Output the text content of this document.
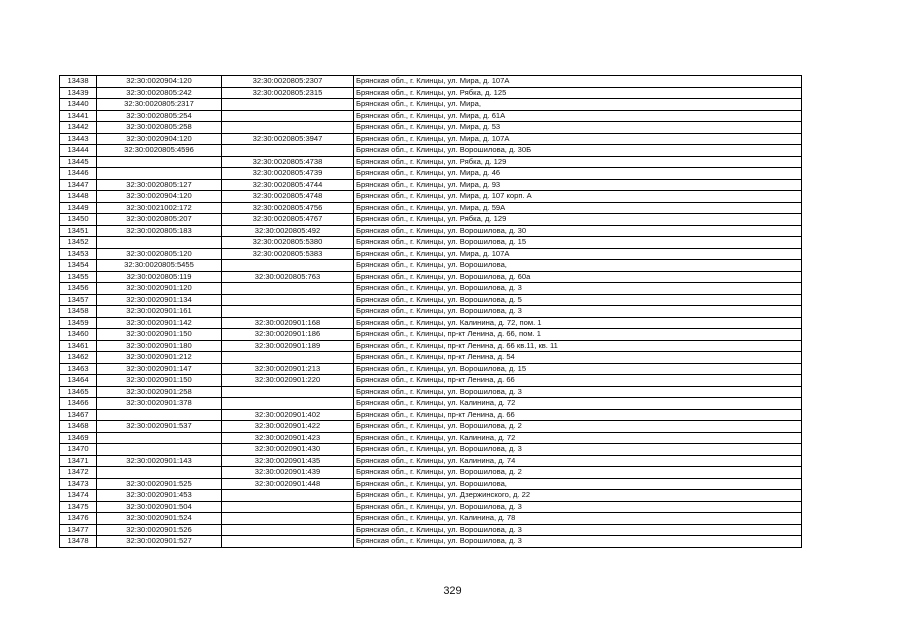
13438	32:30:0020904:120	32:30:0020805:2307	Брянская обл., г. Клинцы, ул. Мира, д. 107А
13439	32:30:0020805:242	32:30:0020805:2315	Брянская обл., г. Клинцы, ул. Рябка, д. 125
13440	32:30:0020805:2317		Брянская обл., г. Клинцы, ул. Мира,
13441	32:30:0020805:254		Брянская обл., г. Клинцы, ул. Мира, д. 61А
13442	32:30:0020805:258		Брянская обл., г. Клинцы, ул. Мира, д. 53
13443	32:30:0020904:120	32:30:0020805:3947	Брянская обл., г. Клинцы, ул. Мира, д. 107А
13444	32:30:0020805:4596		Брянская обл., г. Клинцы, ул. Ворошилова, д. 30Б
13445		32:30:0020805:4738	Брянская обл., г. Клинцы, ул. Рябка, д. 129
13446		32:30:0020805:4739	Брянская обл., г. Клинцы, ул. Мира, д. 46
13447	32:30:0020805:127	32:30:0020805:4744	Брянская обл., г. Клинцы, ул. Мира, д. 93
13448	32:30:0020904:120	32:30:0020805:4748	Брянская обл., г. Клинцы, ул. Мира, д. 107 корп. А
13449	32:30:0021002:172	32:30:0020805:4756	Брянская обл., г. Клинцы, ул. Мира, д. 59А
13450	32:30:0020805:207	32:30:0020805:4767	Брянская обл., г. Клинцы, ул. Рябка, д. 129
13451	32:30:0020805:183	32:30:0020805:492	Брянская обл., г. Клинцы, ул. Ворошилова, д. 30
13452		32:30:0020805:5380	Брянская обл., г. Клинцы, ул. Ворошилова, д. 15
13453	32:30:0020805:120	32:30:0020805:5383	Брянская обл., г. Клинцы, ул. Мира, д. 107А
13454	32:30:0020805:5455		Брянская обл., г. Клинцы, ул. Ворошилова,
13455	32:30:0020805:119	32:30:0020805:763	Брянская обл., г. Клинцы, ул. Ворошилова, д. 60а
13456	32:30:0020901:120		Брянская обл., г. Клинцы, ул. Ворошилова, д. 3
13457	32:30:0020901:134		Брянская обл., г. Клинцы, ул. Ворошилова, д. 5
13458	32:30:0020901:161		Брянская обл., г. Клинцы, ул. Ворошилова, д. 3
13459	32:30:0020901:142	32:30:0020901:168	Брянская обл., г. Клинцы, ул. Калинина, д. 72, пом. 1
13460	32:30:0020901:150	32:30:0020901:186	Брянская обл., г. Клинцы, пр-кт Ленина, д. 66, пом. 1
13461	32:30:0020901:180	32:30:0020901:189	Брянская обл., г. Клинцы, пр-кт Ленина, д. 66 кв.11, кв. 11
13462	32:30:0020901:212		Брянская обл., г. Клинцы, пр-кт Ленина, д. 54
13463	32:30:0020901:147	32:30:0020901:213	Брянская обл., г. Клинцы, ул. Ворошилова, д. 15
13464	32:30:0020901:150	32:30:0020901:220	Брянская обл., г. Клинцы, пр-кт Ленина, д. 66
13465	32:30:0020901:258		Брянская обл., г. Клинцы, ул. Ворошилова, д. 3
13466	32:30:0020901:378		Брянская обл., г. Клинцы, ул. Калинина, д. 72
13467		32:30:0020901:402	Брянская обл., г. Клинцы, пр-кт Ленина, д. 66
13468	32:30:0020901:537	32:30:0020901:422	Брянская обл., г. Клинцы, ул. Ворошилова, д. 2
13469		32:30:0020901:423	Брянская обл., г. Клинцы, ул. Калинина, д. 72
13470		32:30:0020901:430	Брянская обл., г. Клинцы, ул. Ворошилова, д. 3
13471	32:30:0020901:143	32:30:0020901:435	Брянская обл., г. Клинцы, ул. Калинина, д. 74
13472		32:30:0020901:439	Брянская обл., г. Клинцы, ул. Ворошилова, д. 2
13473	32:30:0020901:525	32:30:0020901:448	Брянская обл., г. Клинцы, ул. Ворошилова,
13474	32:30:0020901:453		Брянская обл., г. Клинцы, ул. Дзержинского, д. 22
13475	32:30:0020901:504		Брянская обл., г. Клинцы, ул. Ворошилова, д. 3
13476	32:30:0020901:524		Брянская обл., г. Клинцы, ул. Калинина, д. 78
13477	32:30:0020901:526		Брянская обл., г. Клинцы, ул. Ворошилова, д. 3
13478	32:30:0020901:527		Брянская обл., г. Клинцы, ул. Ворошилова, д. 3
329
